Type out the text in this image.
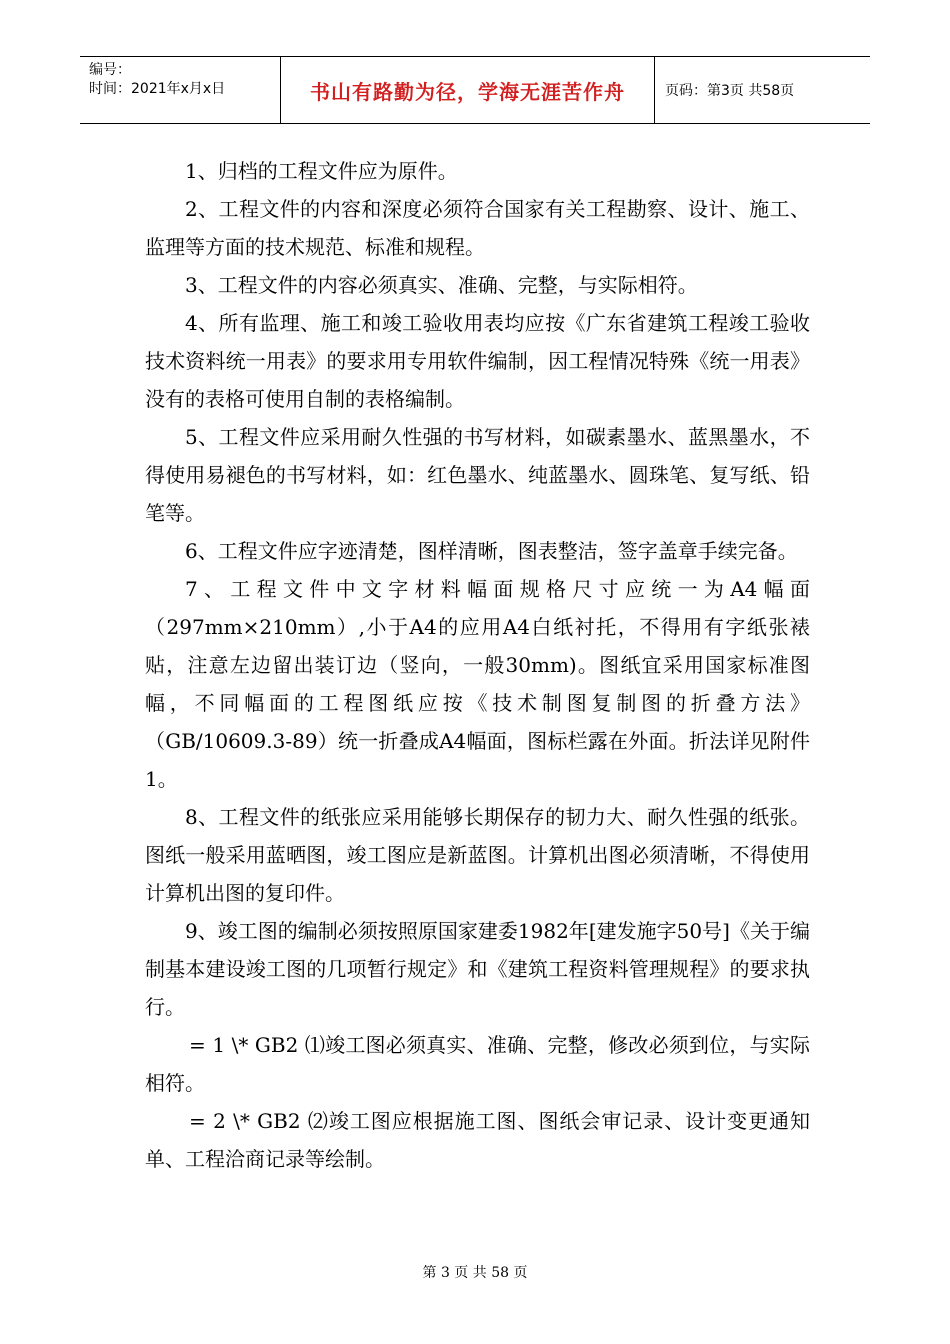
编号：
时间：2021年x月x日	书山有路勤为径，学海无涯苦作舟	页码：第3页 共58页

1、归档的工程文件应为原件。

2、工程文件的内容和深度必须符合国家有关工程勘察、设计、施工、监理等方面的技术规范、标准和规程。

3、工程文件的内容必须真实、准确、完整，与实际相符。

4、所有监理、施工和竣工验收用表均应按《广东省建筑工程竣工验收技术资料统一用表》的要求用专用软件编制，因工程情况特殊《统一用表》没有的表格可使用自制的表格编制。

5、工程文件应采用耐久性强的书写材料，如碳素墨水、蓝黑墨水，不得使用易褪色的书写材料，如：红色墨水、纯蓝墨水、圆珠笔、复写纸、铅笔等。

6、工程文件应字迹清楚，图样清晰，图表整洁，签字盖章手续完备。

7、工程文件中文字材料幅面规格尺寸应统一为A4幅面（297mm×210mm）,小于A4的应用A4白纸衬托，不得用有字纸张裱贴，注意左边留出装订边（竖向，一般30mm)。图纸宜采用国家标准图幅，不同幅面的工程图纸应按《技术制图复制图的折叠方法》（GB/10609.3-89）统一折叠成A4幅面，图标栏露在外面。折法详见附件1。

8、工程文件的纸张应采用能够长期保存的韧力大、耐久性强的纸张。图纸一般采用蓝晒图，竣工图应是新蓝图。计算机出图必须清晰，不得使用计算机出图的复印件。

9、竣工图的编制必须按照原国家建委1982年[建发施字50号]《关于编制基本建设竣工图的几项暂行规定》和《建筑工程资料管理规程》的要求执行。

= 1 \* GB2 ⑴竣工图必须真实、准确、完整，修改必须到位，与实际相符。

= 2 \* GB2 ⑵竣工图应根据施工图、图纸会审记录、设计变更通知单、工程洽商记录等绘制。

第 3 页 共 58 页
